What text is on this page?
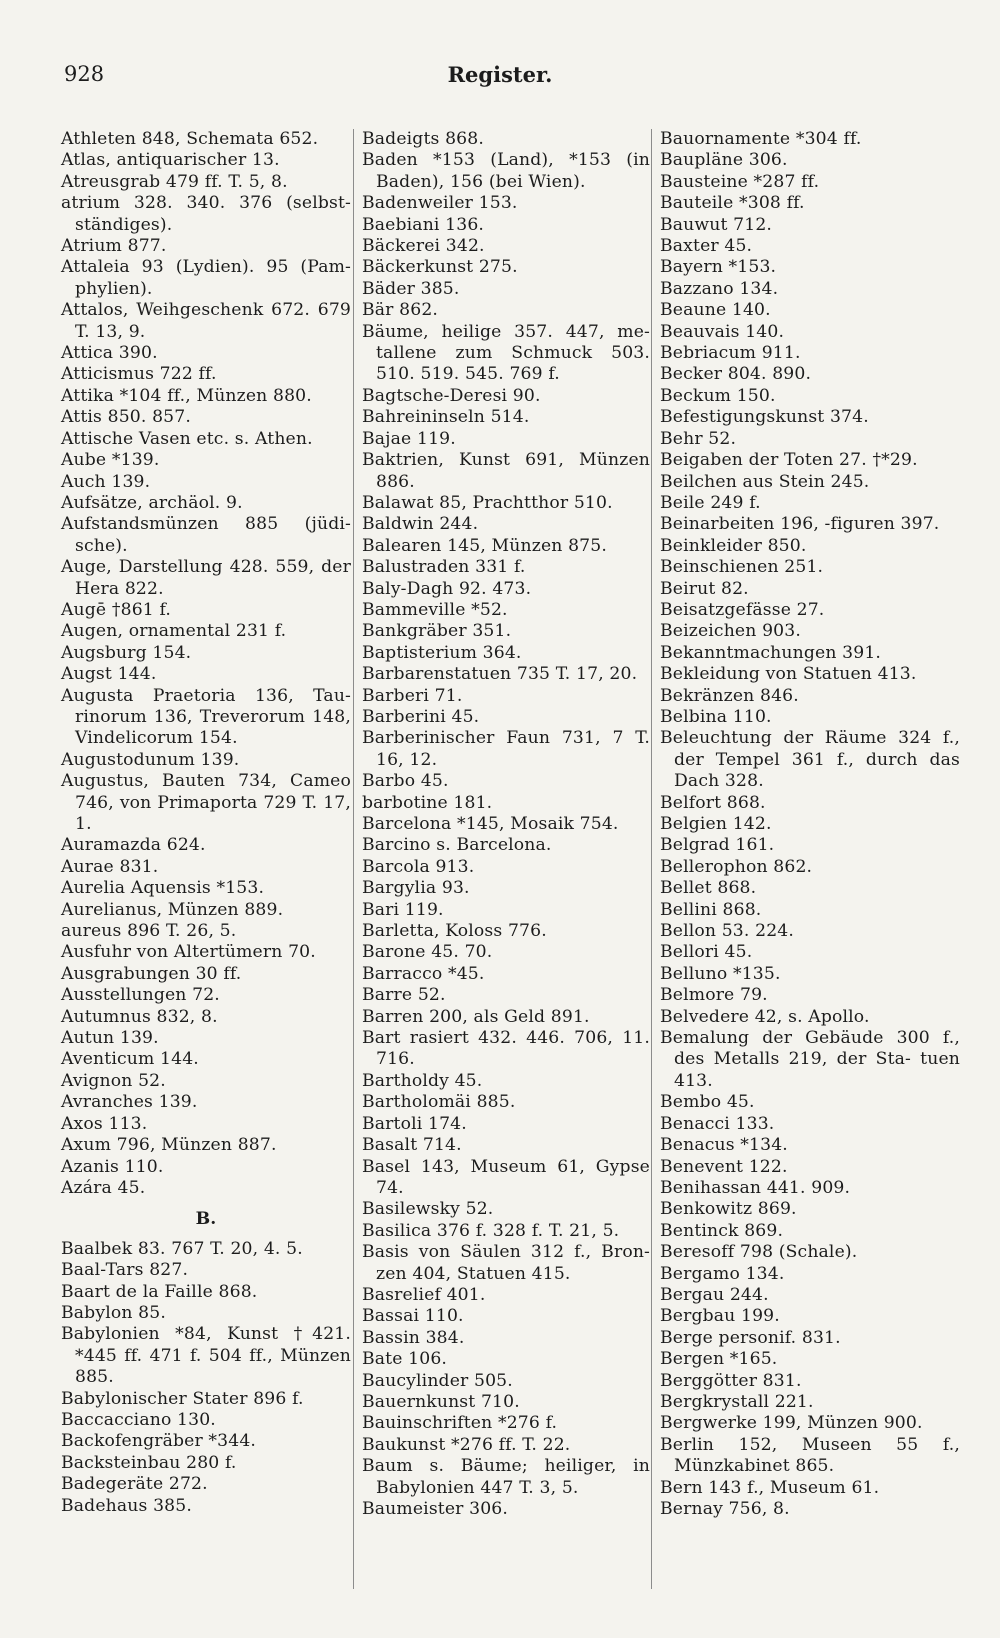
928	Register.
Athleten 848, Schemata 652.
Atlas, antiquarischer 13.
Atreusgrab 479 ff. T. 5, 8.
atrium 328. 340. 376 (selbst- ständiges).
Atrium 877.
Attaleia 93 (Lydien). 95 (Pam- phylien).
Attalos, Weihgeschenk 672. 679 T. 13, 9.
Attica 390.
Atticismus 722 ff.
Attika *104 ff., Münzen 880.
Attis 850. 857.
Attische Vasen etc. s. Athen.
Aube *139.
Auch 139.
Aufsätze, archäol. 9.
Aufstandsmünzen 885 (jüdi- sche).
Auge, Darstellung 428. 559, der Hera 822.
Augē †861 f.
Augen, ornamental 231 f.
Augsburg 154.
Augst 144.
Augusta Praetoria 136, Tau- rinorum 136, Treverorum 148, Vindelicorum 154.
Augustodunum 139.
Augustus, Bauten 734, Cameo 746, von Primaporta 729 T. 17, 1.
Auramazda 624.
Aurae 831.
Aurelia Aquensis *153.
Aurelianus, Münzen 889.
aureus 896 T. 26, 5.
Ausfuhr von Altertümern 70.
Ausgrabungen 30 ff.
Ausstellungen 72.
Autumnus 832, 8.
Autun 139.
Aventicum 144.
Avignon 52.
Avranches 139.
Axos 113.
Axum 796, Münzen 887.
Azanis 110.
Azára 45.
B.
Baalbek 83. 767 T. 20, 4. 5.
Baal-Tars 827.
Baart de la Faille 868.
Babylon 85.
Babylonien *84, Kunst †421. *445 ff. 471 f. 504 ff., Münzen 885.
Babylonischer Stater 896 f.
Baccacciano 130.
Backofengräber *344.
Backsteinbau 280 f.
Badegeräte 272.
Badehaus 385.
Badeigts 868.
Baden *153 (Land), *153 (in Baden), 156 (bei Wien).
Badenweiler 153.
Baebiani 136.
Bäckerei 342.
Bäckerkunst 275.
Bäder 385.
Bär 862.
Bäume, heilige 357. 447, me- tallene zum Schmuck 503. 510. 519. 545. 769 f.
Bagtsche-Deresi 90.
Bahreininseln 514.
Bajae 119.
Baktrien, Kunst 691, Münzen 886.
Balawat 85, Prachtthor 510.
Baldwin 244.
Balearen 145, Münzen 875.
Balustraden 331 f.
Baly-Dagh 92. 473.
Bammeville *52.
Bankgräber 351.
Baptisterium 364.
Barbarenstatuen 735 T. 17, 20.
Barberi 71.
Barberini 45.
Barberinischer Faun 731, 7 T. 16, 12.
Barbo 45.
barbotine 181.
Barcelona *145, Mosaik 754.
Barcino s. Barcelona.
Barcola 913.
Bargylia 93.
Bari 119.
Barletta, Koloss 776.
Barone 45. 70.
Barracco *45.
Barre 52.
Barren 200, als Geld 891.
Bart rasiert 432. 446. 706, 11. 716.
Bartholdy 45.
Bartholomäi 885.
Bartoli 174.
Basalt 714.
Basel 143, Museum 61, Gypse 74.
Basilewsky 52.
Basilica 376 f. 328 f. T. 21, 5.
Basis von Säulen 312 f., Bron- zen 404, Statuen 415.
Basrelief 401.
Bassai 110.
Bassin 384.
Bate 106.
Baucylinder 505.
Bauernkunst 710.
Bauinschriften *276 f.
Baukunst *276 ff. T. 22.
Baum s. Bäume; heiliger, in Babylonien 447 T. 3, 5.
Baumeister 306.
Bauornamente *304 ff.
Baupläne 306.
Bausteine *287 ff.
Bauteile *308 ff.
Bauwut 712.
Baxter 45.
Bayern *153.
Bazzano 134.
Beaune 140.
Beauvais 140.
Bebriacum 911.
Becker 804. 890.
Beckum 150.
Befestigungskunst 374.
Behr 52.
Beigaben der Toten 27. †*29.
Beilchen aus Stein 245.
Beile 249 f.
Beinarbeiten 196, -figuren 397.
Beinkleider 850.
Beinschienen 251.
Beirut 82.
Beisatzgefässe 27.
Beizeichen 903.
Bekanntmachungen 391.
Bekleidung von Statuen 413.
Bekränzen 846.
Belbina 110.
Beleuchtung der Räume 324 f., der Tempel 361 f., durch das Dach 328.
Belfort 868.
Belgien 142.
Belgrad 161.
Bellerophon 862.
Bellet 868.
Bellini 868.
Bellon 53. 224.
Bellori 45.
Belluno *135.
Belmore 79.
Belvedere 42, s. Apollo.
Bemalung der Gebäude 300 f., des Metalls 219, der Sta- tuen 413.
Bembo 45.
Benacci 133.
Benacus *134.
Benevent 122.
Benihassan 441. 909.
Benkowitz 869.
Bentinck 869.
Beresoff 798 (Schale).
Bergamo 134.
Bergau 244.
Bergbau 199.
Berge personif. 831.
Bergen *165.
Berggötter 831.
Bergkrystall 221.
Bergwerke 199, Münzen 900.
Berlin 152, Museen 55 f., Münzkabinet 865.
Bern 143 f., Museum 61.
Bernay 756, 8.
